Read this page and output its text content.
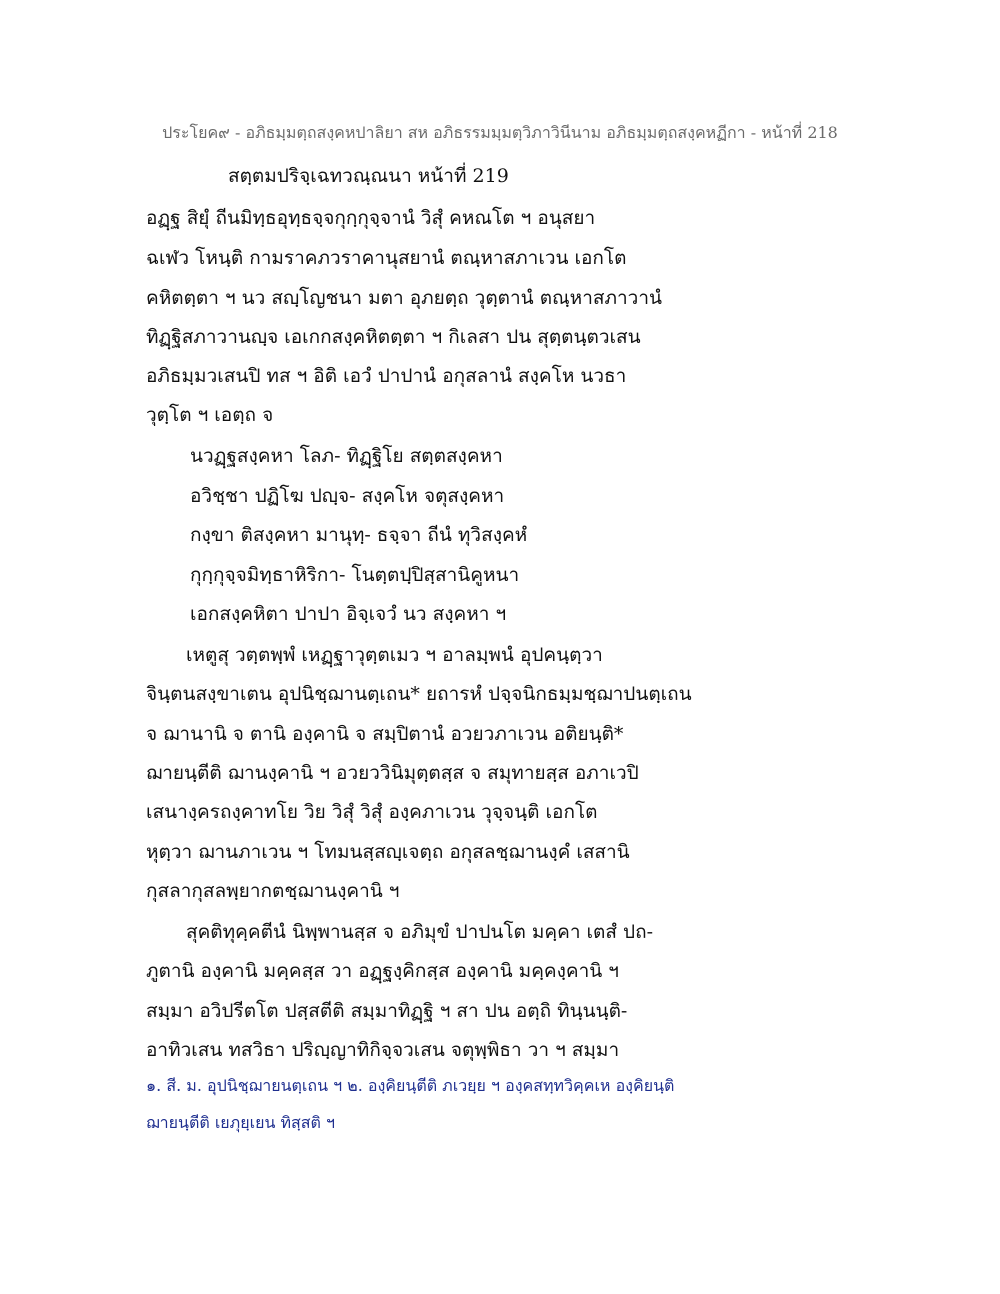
ประโยค๙ - อภิธมฺมตฺถสงฺคหปาลิยา สห อภิธรรมมฺมตฺวิภาวินีนาม อภิธมฺมตฺถสงฺคหฏีกา - หน้าที่ 218
สตฺตมปริจฺเฉทวณฺณนา หน้าที่ 219
อฏฺฐ สิยุํ ถีนมิทฺธอุทฺธจฺจกุกฺกุจฺจานํ วิสุํ คหณโต ฯ อนุสยา
ฉเฬว โหนฺติ กามราคภวราคานุสยานํ ตณฺหาสภาเวน เอกโต
คหิตตฺตา ฯ นว สญฺโญชนา มตา อุภยตฺถ วุตฺตานํ ตณฺหาสภาวานํ
ทิฏฺฐิสภาวานญฺจ เอเกกสงฺคหิตตฺตา ฯ กิเลสา ปน สุตฺตนฺตวเสน
อภิธมฺมวเสนปิ ทส ฯ อิติ เอวํ ปาปานํ อกุสลานํ สงฺคโห นวธา
วุตฺโต ฯ เอตฺถ จ
นวฏฺฐสงฺคหา โลภ- ทิฏฺฐิโย สตฺตสงฺคหา
อวิชฺชา ปฏิโฆ ปญฺจ- สงฺคโห จตุสงฺคหา
กงฺขา ติสงฺคหา มานุทฺ- ธจฺจา ถีนํ ทุวิสงฺคหํ
กุกฺกุจฺจมิทฺธาหิริกา- โนตฺตปฺปิสฺสานิคูหนา
เอกสงฺคหิตา ปาปา อิจฺเจวํ นว สงฺคหา ฯ
เหตูสุ วตฺตพฺพํ เหฏฺฐาวุตฺตเมว ฯ อาลมฺพนํ อุปคนฺตฺวา
จินฺตนสงฺขาเตน อุปนิชฺฌานตฺเถน* ยถารหํ ปจฺจนิกธมฺมชฺฌาปนตฺเถน
จ ฌานานิ จ ตานิ องฺคานิ จ สมฺปิตานํ อวยวภาเวน อติยนฺติ*
ฌายนฺตีติ ฌานงฺคานิ ฯ อวยววินิมุตฺตสฺส จ สมุทายสฺส อภาเวปิ
เสนางฺครถงฺคาทโย วิย วิสุํ วิสุํ องฺคภาเวน วุจฺจนฺติ เอกโต
หุตฺวา ฌานภาเวน ฯ โทมนสฺสญฺเจตฺถ อกุสลชฺฌานงฺคํ เสสานิ
กุสลากุสลพฺยากตชฺฌานงฺคานิ ฯ
สุคติทุคฺคตีนํ นิพฺพานสฺส จ อภิมุขํ ปาปนโต มคฺคา เตสํ ปถ-
ภูตานิ องฺคานิ มคฺคสฺส วา อฏฺฐงฺคิกสฺส องฺคานิ มคฺคงฺคานิ ฯ
สมฺมา อวิปรีตโต ปสฺสตีติ สมฺมาทิฏฺฐิ ฯ สา ปน อตฺถิ ทินฺนนฺติ-
อาทิวเสน ทสวิธา ปริญฺญาทิกิจฺจวเสน จตุพฺพิธา วา ฯ สมฺมา
๑. สี. ม. อุปนิชฺฌายนตฺเถน ฯ ๒. องฺคิยนฺตีติ ภเวยฺย ฯ องฺคสทฺทวิคฺคเห องฺคิยนฺติ
ฌายนฺตีติ เยภุยฺเยน ทิสฺสติ ฯ
